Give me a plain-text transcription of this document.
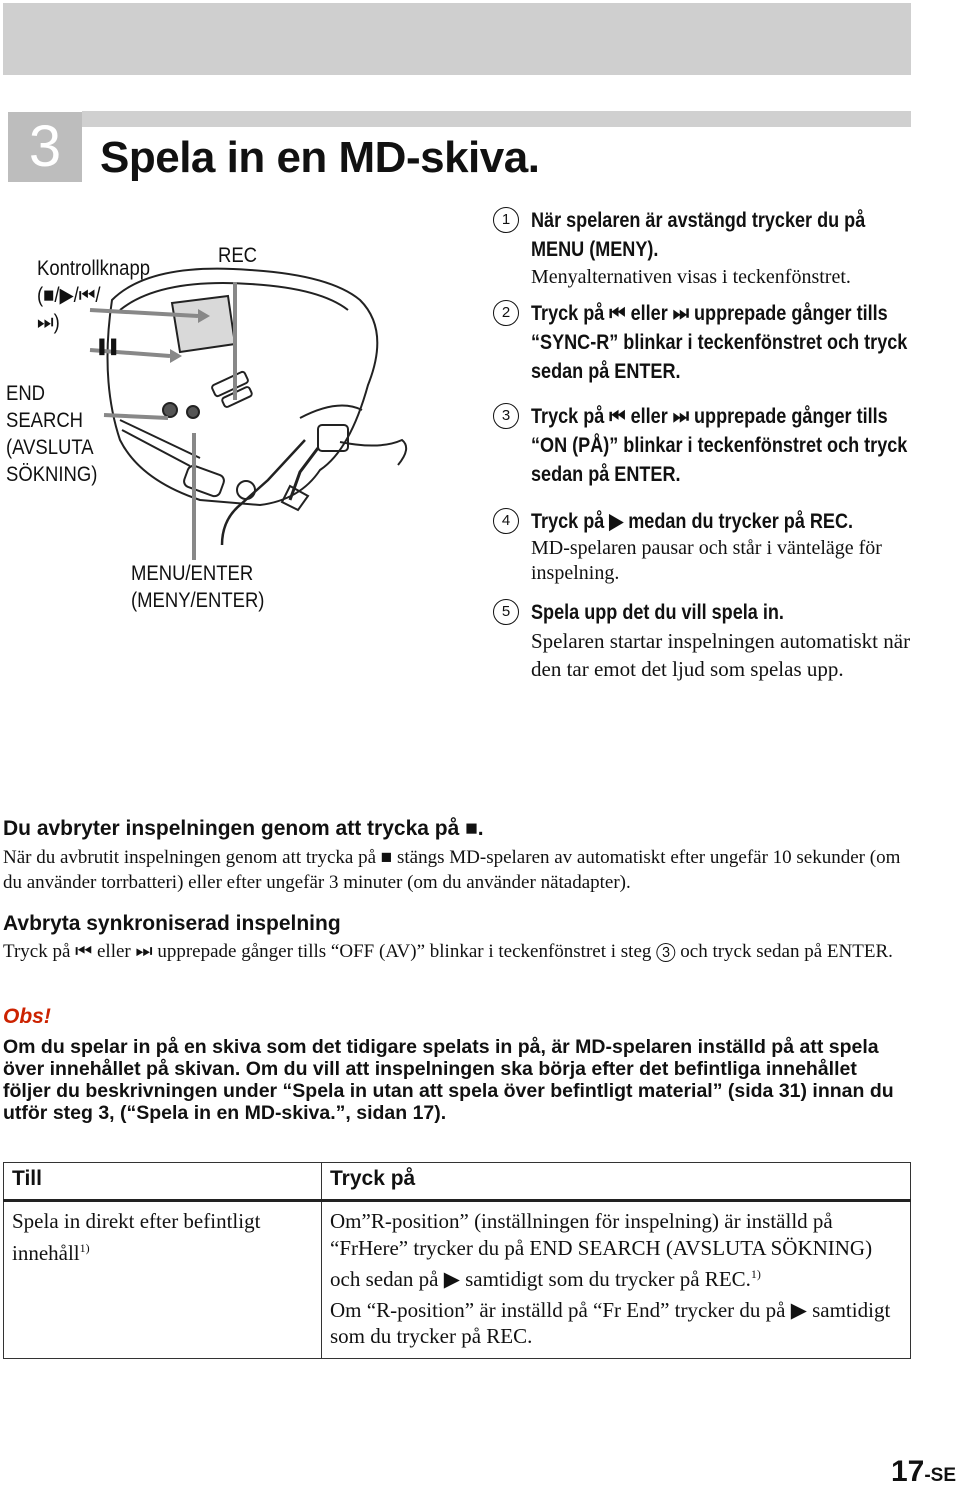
3 Spela in en MD-skiva.
Kontrollknapp
(■/▶/⏮/
⏭)
❚❚
REC
END
SEARCH
(AVSLUTA
SÖKNING)
MENU/ENTER
(MENY/ENTER)
1 När spelaren är avstängd trycker du på MENU (MENY).
Menyalternativen visas i teckenfönstret.
2 Tryck på ⏮ eller ⏭ upprepade gånger tills “SYNC-R” blinkar i teckenfönstret och tryck sedan på ENTER.
3 Tryck på ⏮ eller ⏭ upprepade gånger tills “ON (PÅ)” blinkar i teckenfönstret och tryck sedan på ENTER.
4 Tryck på ▶ medan du trycker på REC.
MD-spelaren pausar och står i vänteläge för inspelning.
5 Spela upp det du vill spela in.
Spelaren startar inspelningen automatiskt när den tar emot det ljud som spelas upp.
Du avbryter inspelningen genom att trycka på ■.
När du avbrutit inspelningen genom att trycka på ■ stängs MD-spelaren av automatiskt efter ungefär 10 sekunder (om du använder torrbatteri) eller efter ungefär 3 minuter (om du använder nätadapter).
Avbryta synkroniserad inspelning
Tryck på ⏮ eller ⏭ upprepade gånger tills “OFF (AV)” blinkar i teckenfönstret i steg ③ och tryck sedan på ENTER.
Obs!
Om du spelar in på en skiva som det tidigare spelats in på, är MD-spelaren inställd på att spela över innehållet på skivan. Om du vill att inspelningen ska börja efter det befintliga innehållet följer du beskrivningen under “Spela in utan att spela över befintligt material” (sida 31) innan du utför steg 3, (“Spela in en MD-skiva.”, sidan 17).
Till	Tryck på
Spela in direkt efter befintligt innehåll$^{1)}$	Om”R-position” (inställningen för inspelning) är inställd på “FrHere” trycker du på END SEARCH (AVSLUTA SÖKNING) och sedan på ▶ samtidigt som du trycker på REC.$^{1)}$

Om “R-position” är inställd på “Fr End” trycker du på ▶ samtidigt som du trycker på REC.

17-SE
